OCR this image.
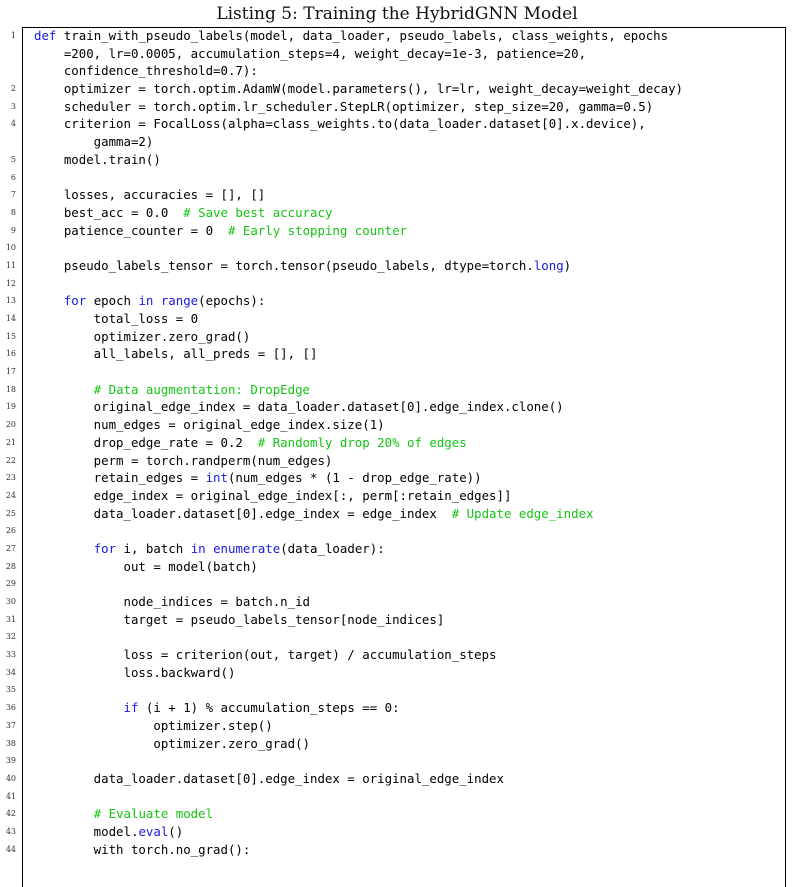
Listing 5: Training the HybridGNN Model
1 def train_with_pseudo_labels(model, data_loader, pseudo_labels, class_weights, epochs
=200, lr=0.0005, accumulation_steps=4, weight_decay=1e-3, patience=20,
confidence_threshold=0.7):
2 optimizer = torch.optim.AdamW(model.parameters(), lr=lr, weight_decay=weight_decay)
3 scheduler = torch.optim.lr_scheduler.StepLR(optimizer, step_size=20, gamma=0.5)
4	criterion = FocalLoss(alpha=class_weights.to(data_loader.dataset[0].x.device),
gamma=2)
5 model.train()
6
7 losses, accuracies = [], []
8 best_acc = 0.0  # Save best accuracy
9 patience_counter = 0  # Early stopping counter
10
11 pseudo_labels_tensor = torch.tensor(pseudo_labels, dtype=torch.long)
12
13	for epoch in range(epochs):
14 total_loss = 0
15 optimizer.zero_grad()
16 all_labels, all_preds = [], []
17
18	# Data augmentation: DropEdge
19 original_edge_index = data_loader.dataset[0].edge_index.clone()
20 num_edges = original_edge_index.size(1)
21 drop_edge_rate = 0.2  # Randomly drop 20% of edges
22 perm = torch.randperm(num_edges)
23 retain_edges = int(num_edges * (1 - drop_edge_rate))
24 edge_index = original_edge_index[:, perm[:retain_edges]]
25 data_loader.dataset[0].edge_index = edge_index  # Update edge_index
26
27	for i, batch in enumerate(data_loader):
28 out = model(batch)
29
30 node_indices = batch.n_id
31 target = pseudo_labels_tensor[node_indices]
32
33 loss = criterion(out, target) / accumulation_steps
34 loss.backward()
35
36	if (i + 1) % accumulation_steps == 0:
37 optimizer.step()
38 optimizer.zero_grad()
39
40 data_loader.dataset[0].edge_index = original_edge_index
41
42	# Evaluate model
43 model.eval()
44 with torch.no_grad():
